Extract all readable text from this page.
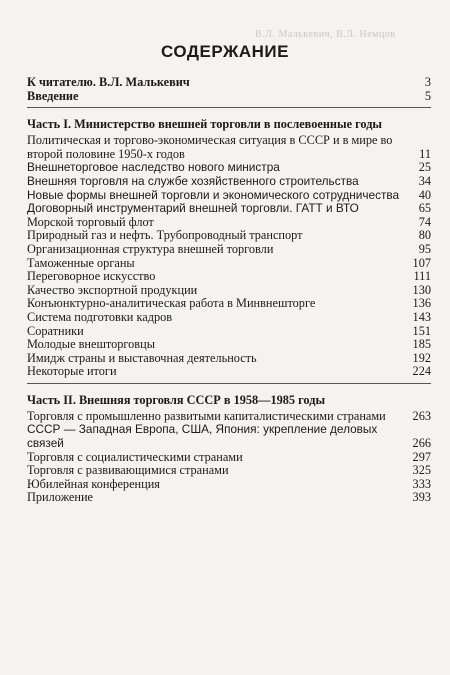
В.Л. Малькевич, В.Л. Немцов
СОДЕРЖАНИЕ
К читателю. В.Л. Малькевич	3
Введение	5
Часть I. Министерство внешней торговли в послевоенные годы
Политическая и торгово-экономическая ситуация в СССР и в мире во второй половине 1950-х годов	11
Внешнеторговое наследство нового министра	25
Внешняя торговля на службе хозяйственного строительства	34
Новые формы внешней торговли и экономического сотрудничества	40
Договорный инструментарий внешней торговли. ГАТТ и ВТО	65
Морской торговый флот	74
Природный газ и нефть. Трубопроводный транспорт	80
Организационная структура внешней торговли	95
Таможенные органы	107
Переговорное искусство	111
Качество экспортной продукции	130
Конъюнктурно-аналитическая работа в Минвнешторге	136
Система подготовки кадров	143
Соратники	151
Молодые внешторговцы	185
Имидж страны и выставочная деятельность	192
Некоторые итоги	224
Часть II. Внешняя торговля СССР в 1958—1985 годы
Торговля с промышленно развитыми капиталистическими странами	263
СССР — Западная Европа, США, Япония: укрепление деловых связей	266
Торговля с социалистическими странами	297
Торговля с развивающимися странами	325
Юбилейная конференция	333
Приложение	393
